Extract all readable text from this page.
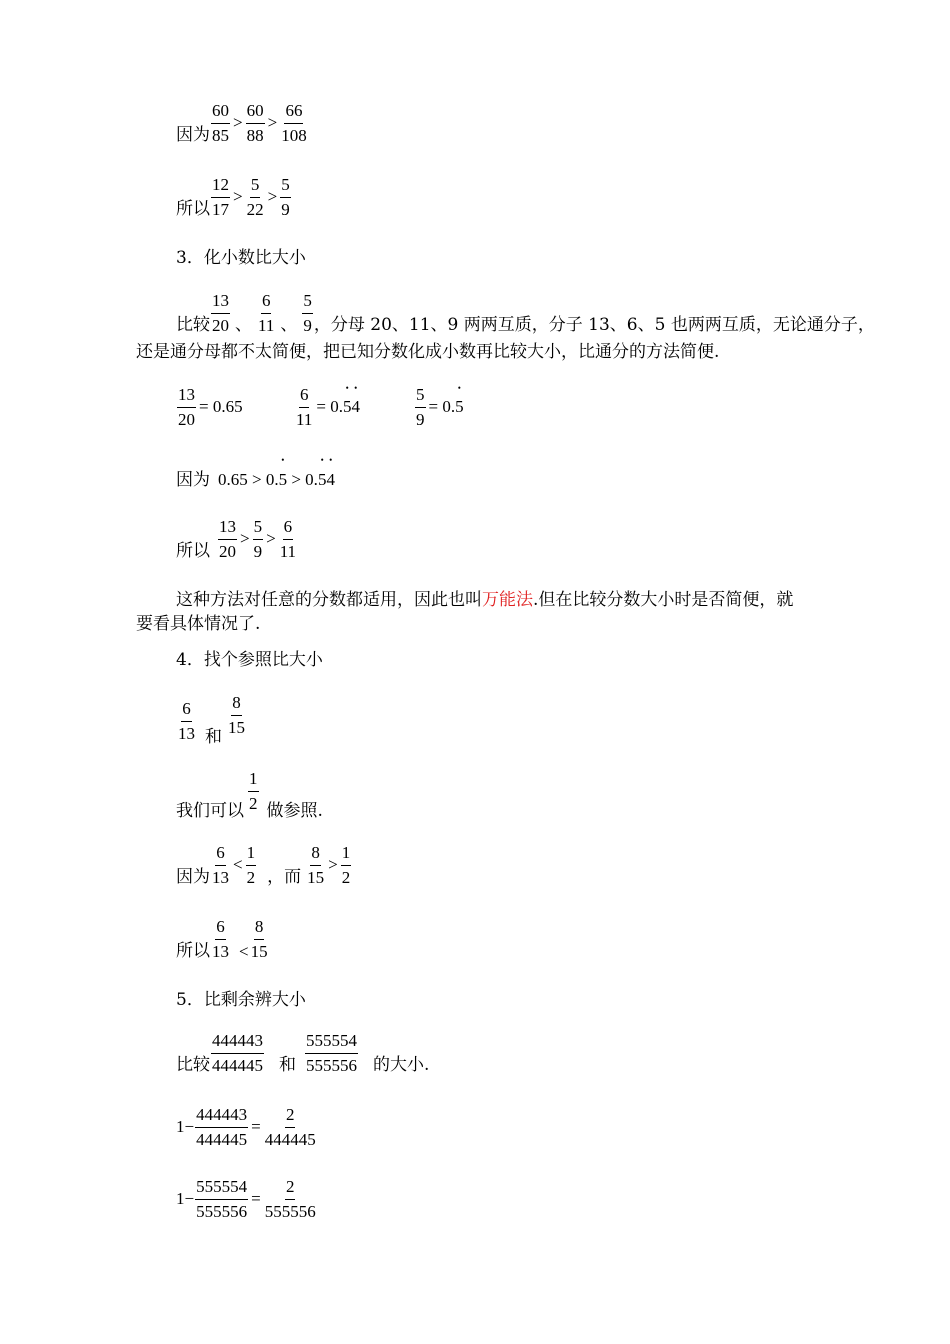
因为 $\frac{60}{85} > \frac{60}{88} > \frac{66}{108}$
所以 $\frac{12}{17} > \frac{5}{22} > \frac{5}{9}$
3．化小数比大小
比较 $\frac{13}{20}$ 、 $\frac{6}{11}$ 、 $\frac{5}{9}$ ，分母 20、11、9 两两互质，分子 13、6、5 也两两互质，无论通分子，
还是通分母都不太简便，把已知分数化成小数再比较大小，比通分的方法简便.
$\frac{13}{20} = 0.65$	$\frac{6}{11}$ = 0.• 5• 4	$\frac{5}{9}$ = 0.• 5
因为 0.65 > 0.• 5 > 0.• 5• 4
所以 $\frac{13}{20} > \frac{5}{9} > \frac{6}{11}$
这种方法对任意的分数都适用，因此也叫万能法.但在比较分数大小时是否简便，就
要看具体情况了.
4．找个参照比大小
$\frac{6}{13}$ 和 $\frac{8}{15}$
我们可以 $\frac{1}{2}$ 做参照.
因为 $\frac{6}{13} < \frac{1}{2}$ ，而 $\frac{8}{15} > \frac{1}{2}$
所以 $\frac{6}{13} < \frac{8}{15}$
5．比剩余辨大小
比较 $\frac{444443}{444445}$ 和 $\frac{555554}{555556}$ 的大小.
$1- \frac{444443}{444445} = \frac{2}{444445}$
$1- \frac{555554}{555556} = \frac{2}{555556}$
